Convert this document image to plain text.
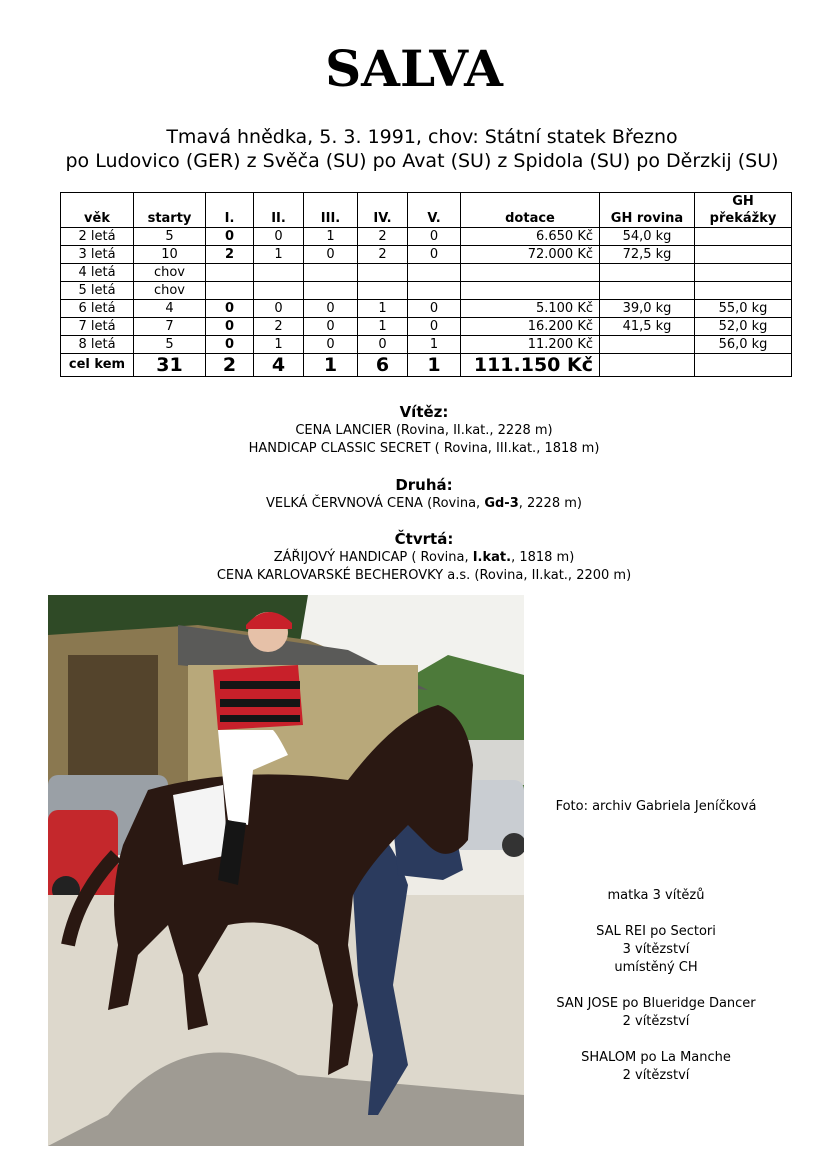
SALVA
Tmavá hnědka, 5. 3. 1991, chov: Státní statek Březno
po Ludovico (GER) z Svěča (SU) po Avat (SU) z Spidola (SU) po Děrzkij (SU)
věk	starty	I.	II.	III.	IV.	V.	dotace	GH rovina	GH překážky
2 letá	5	0	0	1	2	0	6.650 Kč	54,0 kg	
3 letá	10	2	1	0	2	0	72.000 Kč	72,5 kg	
4 letá	chov								
5 letá	chov								
6 letá	4	0	0	0	1	0	5.100 Kč	39,0 kg	55,0 kg
7 letá	7	0	2	0	1	0	16.200 Kč	41,5 kg	52,0 kg
8 letá	5	0	1	0	0	1	11.200 Kč		56,0 kg
cel kem	31	2	4	1	6	1	111.150 Kč		
Vítěz:
CENA LANCIER (Rovina, II.kat., 2228 m)
HANDICAP CLASSIC SECRET ( Rovina, III.kat., 1818 m)
Druhá:
VELKÁ ČERVNOVÁ CENA (Rovina, Gd-3, 2228 m)
Čtvrtá:
ZÁŘIJOVÝ HANDICAP ( Rovina, I.kat., 1818 m)
CENA KARLOVARSKÉ BECHEROVKY a.s. (Rovina, II.kat., 2200 m)
Foto: archiv Gabriela Jeníčková
matka 3 vítězů
SAL REI po Sectori
3 vítězství
umístěný CH
SAN JOSE po Blueridge Dancer
2 vítězství
SHALOM po La Manche
2 vítězství
